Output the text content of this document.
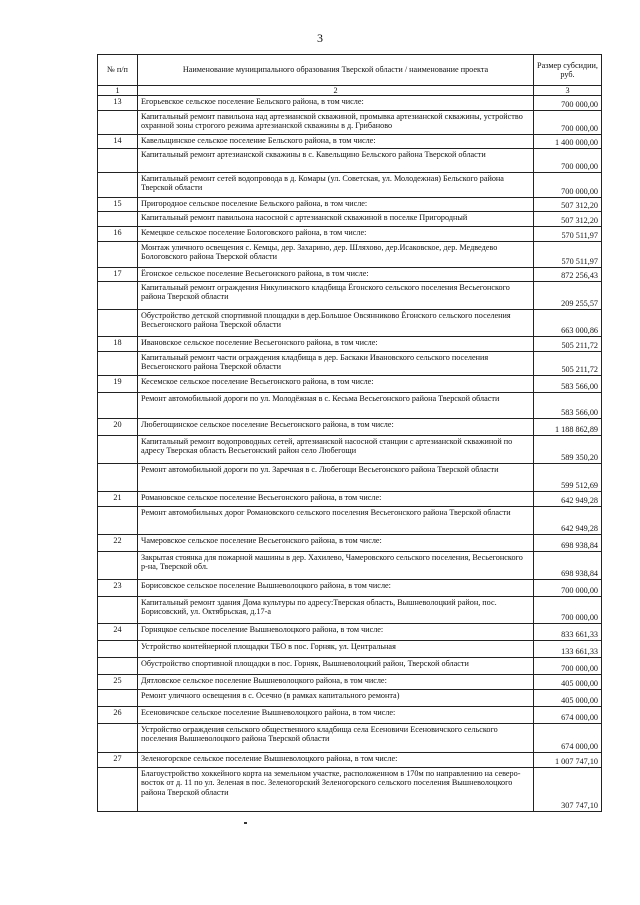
3
№ п/п	Наименование муниципального образования Тверской области / наименование проекта	Размер субсидии, руб.
1	2	3
13	Егорьевское сельское поселение Бельского района, в том числе:	700 000,00
	Капитальный ремонт павильона над артезианской скважиной, промывка артезианской скважины, устройство охранной зоны строгого режима артезианской скважины в д. Грибаново	700 000,00
14	Кавельщинское сельское поселение Бельского района, в том числе:	1 400 000,00
	Капитальный ремонт артезианской скважины в с. Кавельщино Бельского района Тверской области	700 000,00
	Капитальный ремонт сетей водопровода в д. Комары (ул. Советская, ул. Молодежная) Бельского района Тверской области	700 000,00
15	Пригородное сельское поселение Бельского района, в том числе:	507 312,20
	Капитальный ремонт павильона насосной с артезианской скважиной в поселке Пригородный	507 312,20
16	Кемецкое сельское поселение Бологовского района, в том числе:	570 511,97
	Монтаж уличного освещения с. Кемцы, дер. Захарино, дер. Шляхово, дер.Исаковское, дер. Медведево Бологовского района Тверской области	570 511,97
17	Ёгонское сельское поселение Весьегонского района, в том числе:	872 256,43
	Капитальный ремонт ограждения Никулинского кладбища Ёгонского сельского поселения Весьегонского района Тверской области	209 255,57
	Обустройство детской спортивной площадки в дер.Большое Овсянниково Ёгонского сельского поселения Весьегонского района Тверской области	663 000,86
18	Ивановское сельское поселение Весьегонского района, в том числе:	505 211,72
	Капитальный ремонт части ограждения кладбища в дер. Баскаки Ивановского сельского поселения Весьегонского района Тверской области	505 211,72
19	Кесемское сельское поселение Весьегонского района, в том числе:	583 566,00
	Ремонт автомобильной дороги по ул. Молодёжная в с. Кесьма Весьегонского района Тверской области	583 566,00
20	Любегощинское сельское поселение Весьегонского района, в том числе:	1 188 862,89
	Капитальный ремонт водопроводных сетей, артезианской насосной станции с артезианской скважиной по адресу Тверская область Весьегонский район село Любегощи	589 350,20
	Ремонт автомобильной дороги по ул. Заречная в с. Любегощи Весьегонского района Тверской области	599 512,69
21	Романовское сельское поселение Весьегонского района, в том числе:	642 949,28
	Ремонт автомобильных дорог Романовского сельского поселения Весьегонского района Тверской области	642 949,28
22	Чамеровское сельское поселение Весьегонского района, в том числе:	698 938,84
	Закрытая стоянка для пожарной машины в дер. Хахилево, Чамеровского сельского поселения, Весьегонского р-на, Тверской обл.	698 938,84
23	Борисовское сельское поселение Вышневолоцкого района, в том числе:	700 000,00
	Капитальный ремонт здания Дома культуры по адресу:Тверская область, Вышневолоцкий район, пос. Борисовский, ул. Октябрьская, д.17-а	700 000,00
24	Горняцкое сельское поселение Вышневолоцкого района, в том числе:	833 661,33
	Устройство контейнерной площадки ТБО в пос. Горняк, ул. Центральная	133 661,33
	Обустройство спортивной площадки в пос. Горняк, Вышневолоцкий район, Тверской области	700 000,00
25	Дятловское сельское поселение Вышневолоцкого района, в том числе:	405 000,00
	Ремонт уличного освещения в с. Осечно (в рамках капитального ремонта)	405 000,00
26	Есеновичское сельское поселение Вышневолоцкого района, в том числе:	674 000,00
	Устройство ограждения сельского общественного кладбища села Есеновичи Есеновичского сельского поселения Вышневолоцкого района Тверской области	674 000,00
27	Зеленогорское сельское поселение Вышневолоцкого района, в том числе:	1 007 747,10
	Благоустройство хоккейного корта на земельном участке, расположенном в 170м по направлению на северо-восток от д. 11 по ул. Зеленая в пос. Зеленогорский Зеленогорского сельского поселения Вышневолоцкого района Тверской области	307 747,10
